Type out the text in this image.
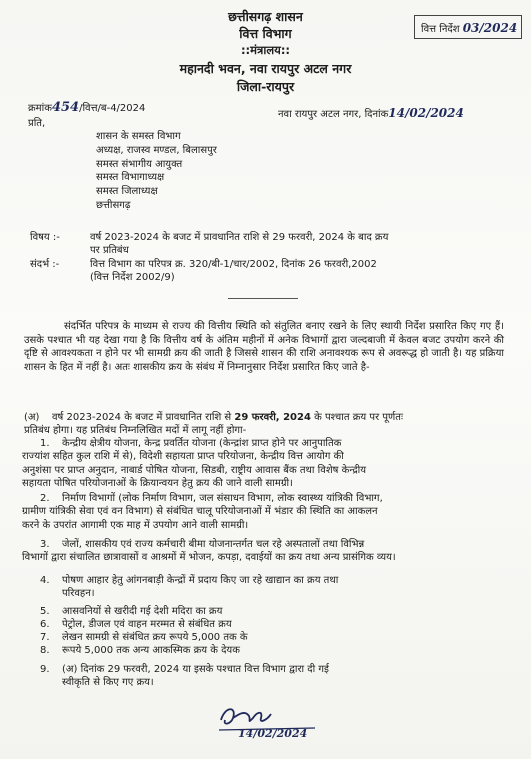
छत्तीसगढ़ शासन
वित्त विभाग
::मंत्रालय::
महानदी भवन, नवा रायपुर अटल नगर
जिला-रायपुर
वित्त निर्देश 03/2024
क्रमांक454/वित्त/ब-4/2024
नवा रायपुर अटल नगर, दिनांक14/02/2024
प्रति,
शासन के समस्त विभाग
अध्यक्ष, राजस्व मण्डल, बिलासपुर
समस्त संभागीय आयुक्त
समस्त विभागाध्यक्ष
समस्त जिलाध्यक्ष
छत्तीसगढ़
विषय :-	वर्ष 2023-2024 के बजट में प्रावधानित राशि से 29 फरवरी, 2024 के बाद क्रय
पर प्रतिबंध
संदर्भ :-	वित्त विभाग का परिपत्र क्र. 320/बी-1/चार/2002, दिनांक 26 फरवरी,2002
(वित्त निर्देश 2002/9)
संदर्भित परिपत्र के माध्यम से राज्य की वित्तीय स्थिति को संतुलित बनाए रखने के लिए स्थायी निर्देश प्रसारित किए गए हैं। उसके पश्चात भी यह देखा गया है कि वित्तीय वर्ष के अंतिम महीनों में अनेक विभागों द्वारा जल्दबाजी में केवल बजट उपयोग करने की दृष्टि से आवश्यकता न होने पर भी सामग्री क्रय की जाती है जिससे शासन की राशि अनावश्यक रूप से अवरूद्ध हो जाती है। यह प्रक्रिया शासन के हित में नहीं है। अतः शासकीय क्रय के संबंध में निम्नानुसार निर्देश प्रसारित किए जाते है-
(अ) वर्ष 2023-2024 के बजट में प्रावधानित राशि से 29 फरवरी, 2024 के पश्चात क्रय पर पूर्णतः
प्रतिबंध होगा। यह प्रतिबंध निम्नलिखित मदों में लागू नहीं होगा-
1. केन्द्रीय क्षेत्रीय योजना, केन्द्र प्रवर्तित योजना (केन्द्रांश प्राप्त होने पर आनुपातिक
राज्यांश सहित कुल राशि में से), विदेशी सहायता प्राप्त परियोजना, केन्द्रीय वित्त आयोग की
अनुशंसा पर प्राप्त अनुदान, नाबार्ड पोषित योजना, सिडबी, राष्ट्रीय आवास बैंक तथा विशेष केन्द्रीय
सहायता पोषित परियोजनाओं के क्रियान्वयन हेतु क्रय की जाने वाली सामग्री।
2. निर्माण विभागों (लोक निर्माण विभाग, जल संसाधन विभाग, लोक स्वास्थ्य यांत्रिकी विभाग,
ग्रामीण यांत्रिकी सेवा एवं वन विभाग) से संबंधित चालू परियोजनाओं में भंडार की स्थिति का आकलन
करने के उपरांत आगामी एक माह में उपयोग आने वाली सामग्री।
3. जेलों, शासकीय एवं राज्य कर्मचारी बीमा योजनान्तर्गत चल रहे अस्पतालों तथा विभिन्न
विभागों द्वारा संचालित छात्रावासों व आश्रमों में भोजन, कपड़ा, दवाईयों का क्रय तथा अन्य प्रासंगिक व्यय।
4. पोषण आहार हेतु आंगनबाड़ी केन्द्रों में प्रदाय किए जा रहे खाद्यान का क्रय तथा
परिवहन।
5. आसवनियों से खरीदी गई देशी मदिरा का क्रय
6. पेट्रोल, डीजल एवं वाहन मरम्मत से संबंधित क्रय
7. लेखन सामग्री से संबंधित क्रय रूपये 5,000 तक के
8. रूपये 5,000 तक अन्य आकस्मिक क्रय के देयक
9. (अ) दिनांक 29 फरवरी, 2024 या इसके पश्चात वित्त विभाग द्वारा दी गई
स्वीकृति से किए गए क्रय।
14/02/2024
